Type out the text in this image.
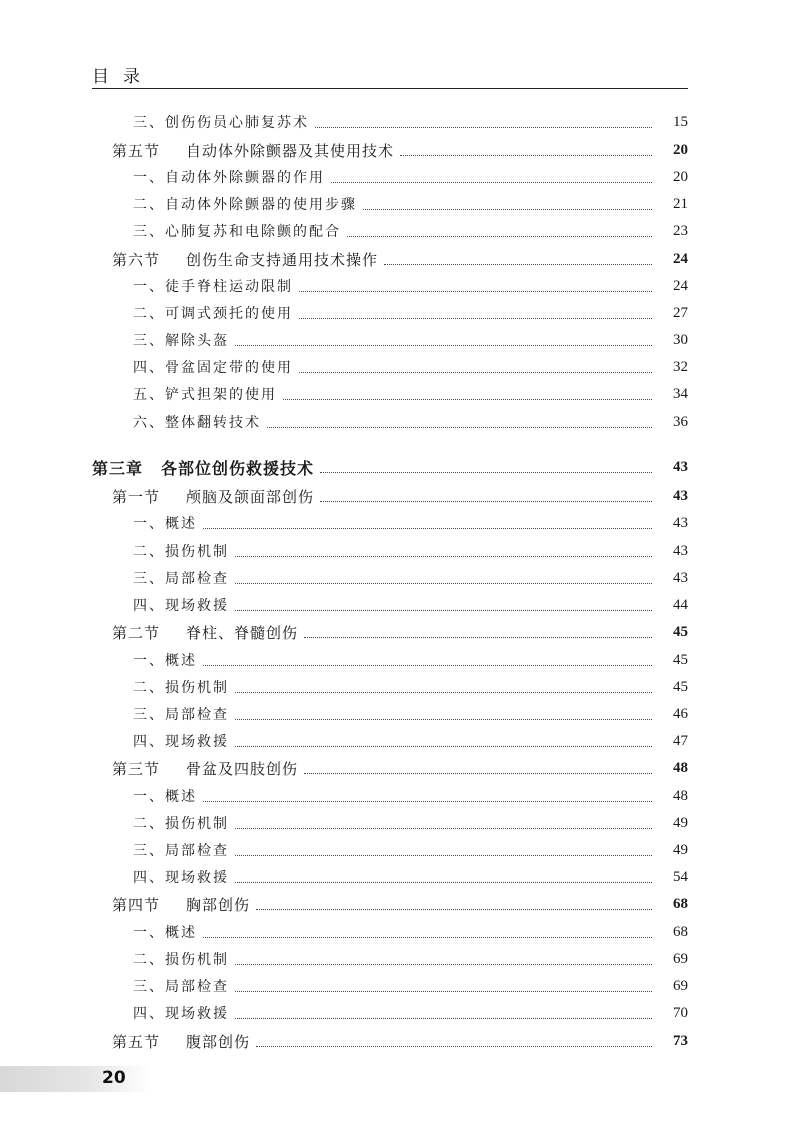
目录
三、创伤伤员心肺复苏术	15
第五节 自动体外除颤器及其使用技术	20
一、自动体外除颤器的作用	20
二、自动体外除颤器的使用步骤	21
三、心肺复苏和电除颤的配合	23
第六节 创伤生命支持通用技术操作	24
一、徒手脊柱运动限制	24
二、可调式颈托的使用	27
三、解除头盔	30
四、骨盆固定带的使用	32
五、铲式担架的使用	34
六、整体翻转技术	36
第三章 各部位创伤救援技术	43
第一节 颅脑及颌面部创伤	43
一、概述	43
二、损伤机制	43
三、局部检查	43
四、现场救援	44
第二节 脊柱、脊髓创伤	45
一、概述	45
二、损伤机制	45
三、局部检查	46
四、现场救援	47
第三节 骨盆及四肢创伤	48
一、概述	48
二、损伤机制	49
三、局部检查	49
四、现场救援	54
第四节 胸部创伤	68
一、概述	68
二、损伤机制	69
三、局部检查	69
四、现场救援	70
第五节 腹部创伤	73
20
